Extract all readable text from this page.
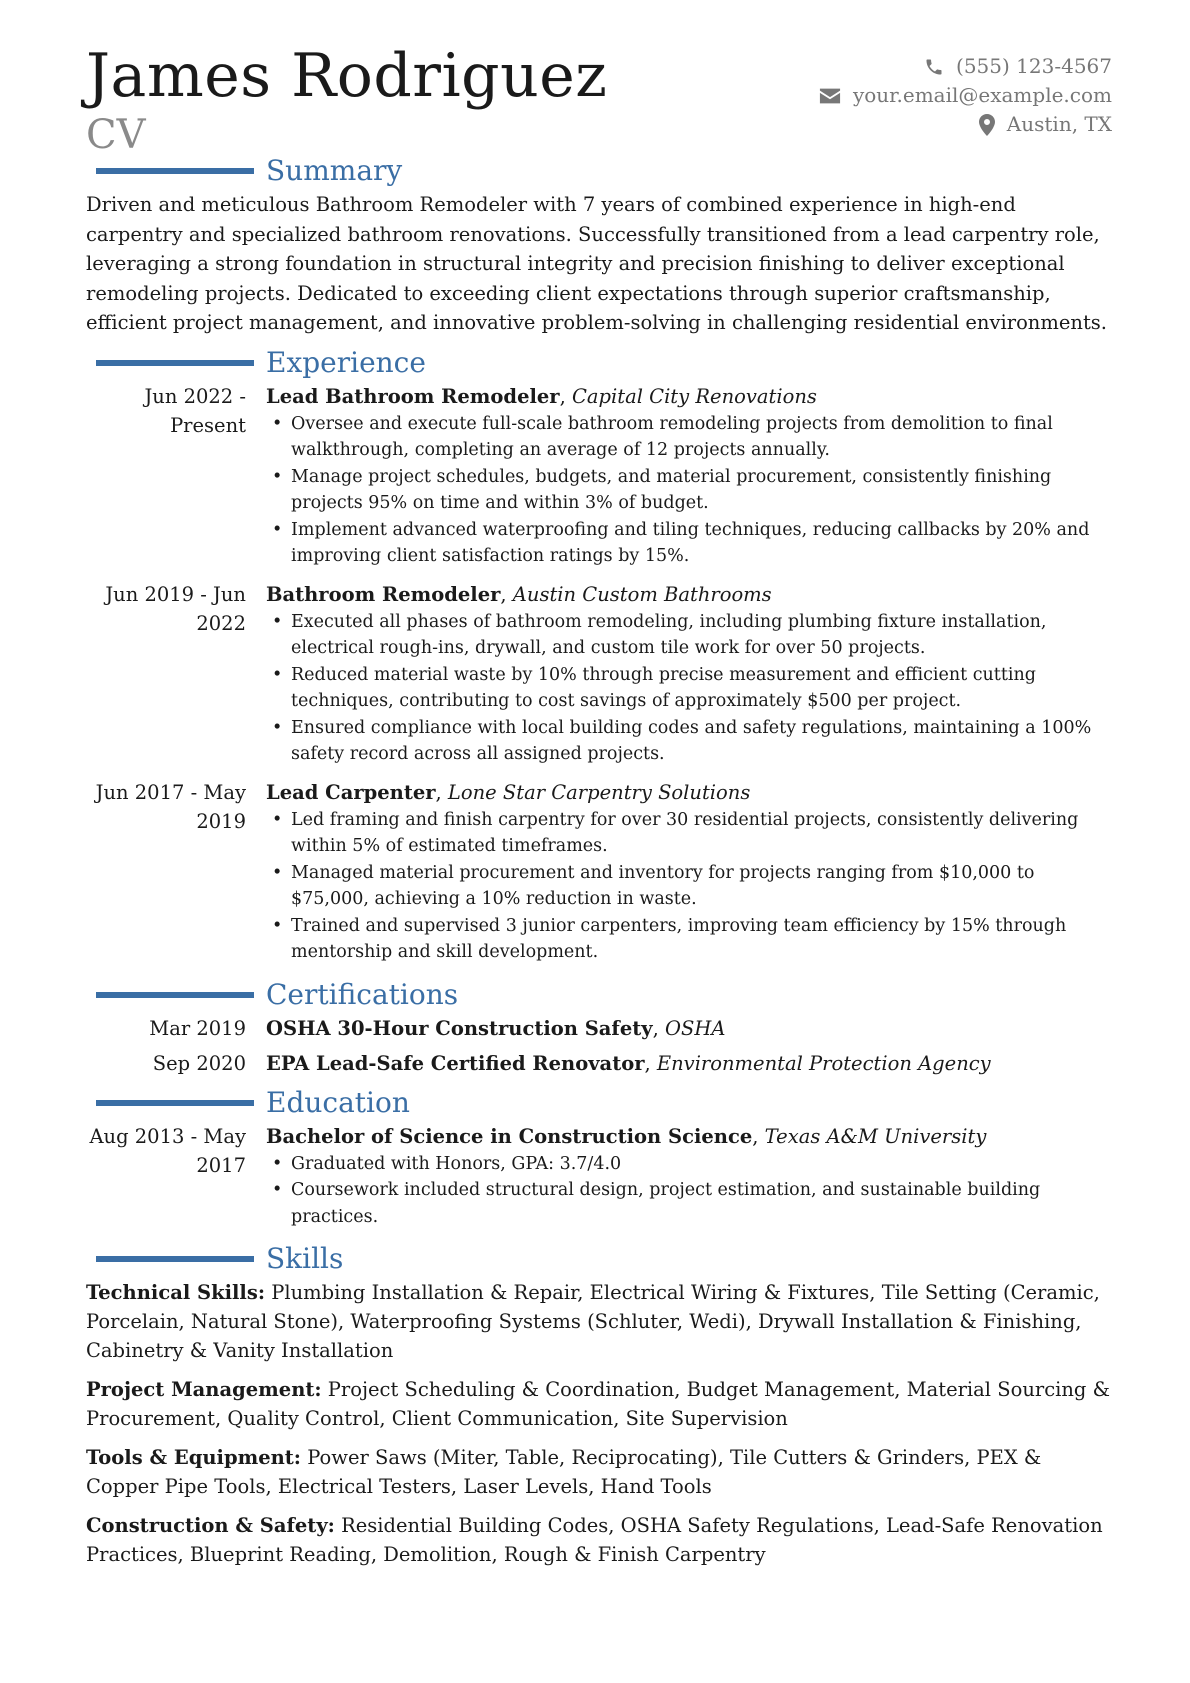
James Rodriguez
CV
(555) 123-4567
your.email@example.com
Austin, TX
Summary

Driven and meticulous Bathroom Remodeler with 7 years of combined experience in high-end carpentry and specialized bathroom renovations. Successfully transitioned from a lead carpentry role, leveraging a strong foundation in structural integrity and precision finishing to deliver exceptional remodeling projects. Dedicated to exceeding client expectations through superior craftsmanship, efficient project management, and innovative problem-solving in challenging residential environments.

Experience
Jun 2022 - Present
Lead Bathroom Remodeler, Capital City Renovations
• Oversee and execute full-scale bathroom remodeling projects from demolition to final walkthrough, completing an average of 12 projects annually.
• Manage project schedules, budgets, and material procurement, consistently finishing projects 95% on time and within 3% of budget.
• Implement advanced waterproofing and tiling techniques, reducing callbacks by 20% and improving client satisfaction ratings by 15%.
Jun 2019 - Jun 2022
Bathroom Remodeler, Austin Custom Bathrooms
• Executed all phases of bathroom remodeling, including plumbing fixture installation, electrical rough-ins, drywall, and custom tile work for over 50 projects.
• Reduced material waste by 10% through precise measurement and efficient cutting techniques, contributing to cost savings of approximately $500 per project.
• Ensured compliance with local building codes and safety regulations, maintaining a 100% safety record across all assigned projects.
Jun 2017 - May 2019
Lead Carpenter, Lone Star Carpentry Solutions
• Led framing and finish carpentry for over 30 residential projects, consistently delivering within 5% of estimated timeframes.
• Managed material procurement and inventory for projects ranging from $10,000 to $75,000, achieving a 10% reduction in waste.
• Trained and supervised 3 junior carpenters, improving team efficiency by 15% through mentorship and skill development.
Certifications
Mar 2019	OSHA 30-Hour Construction Safety, OSHA
Sep 2020	EPA Lead-Safe Certified Renovator, Environmental Protection Agency
Education
Aug 2013 - May 2017
Bachelor of Science in Construction Science, Texas A&M University
• Graduated with Honors, GPA: 3.7/4.0
• Coursework included structural design, project estimation, and sustainable building practices.
Skills
Technical Skills: Plumbing Installation & Repair, Electrical Wiring & Fixtures, Tile Setting (Ceramic, Porcelain, Natural Stone), Waterproofing Systems (Schluter, Wedi), Drywall Installation & Finishing, Cabinetry & Vanity Installation
Project Management: Project Scheduling & Coordination, Budget Management, Material Sourcing & Procurement, Quality Control, Client Communication, Site Supervision
Tools & Equipment: Power Saws (Miter, Table, Reciprocating), Tile Cutters & Grinders, PEX & Copper Pipe Tools, Electrical Testers, Laser Levels, Hand Tools
Construction & Safety: Residential Building Codes, OSHA Safety Regulations, Lead-Safe Renovation Practices, Blueprint Reading, Demolition, Rough & Finish Carpentry
